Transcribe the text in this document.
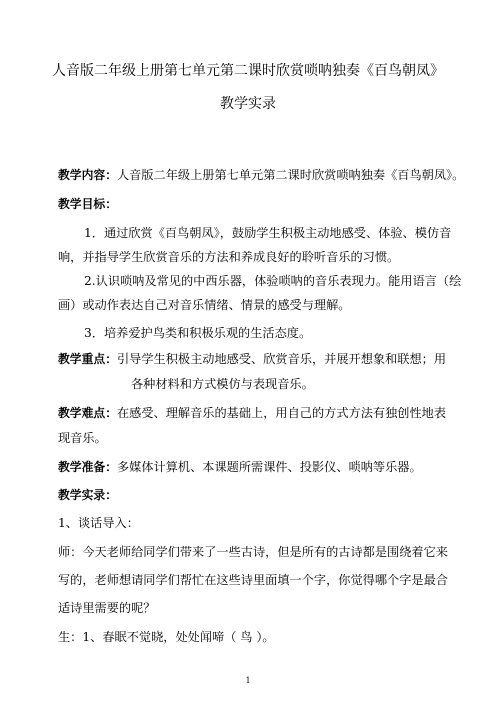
人音版二年级上册第七单元第二课时欣赏唢呐独奏《百鸟朝凤》
教学实录
教学内容：人音版二年级上册第七单元第二课时欣赏唢呐独奏《百鸟朝凤》。
教学目标：
1．通过欣赏《百鸟朝凤》，鼓励学生积极主动地感受、体验、模仿音
响，并指导学生欣赏音乐的方法和养成良好的聆听音乐的习惯。
2.认识唢呐及常见的中西乐器，体验唢呐的音乐表现力。能用语言（绘
画）或动作表达自己对音乐情绪、情景的感受与理解。
3．培养爱护鸟类和积极乐观的生活态度。
教学重点：引导学生积极主动地感受、欣赏音乐，并展开想象和联想；用
各种材料和方式模仿与表现音乐。
教学难点：在感受、理解音乐的基础上，用自己的方式方法有独创性地表
现音乐。
教学准备：多媒体计算机、本课题所需课件、投影仪、唢呐等乐器。
教学实录：
1、谈话导入：
师：今天老师给同学们带来了一些古诗，但是所有的古诗都是围绕着它来
写的，老师想请同学们帮忙在这些诗里面填一个字，你觉得哪个字是最合
适诗里需要的呢？
生：1、春眠不觉晓，处处闻啼（ 鸟 ）。
1
